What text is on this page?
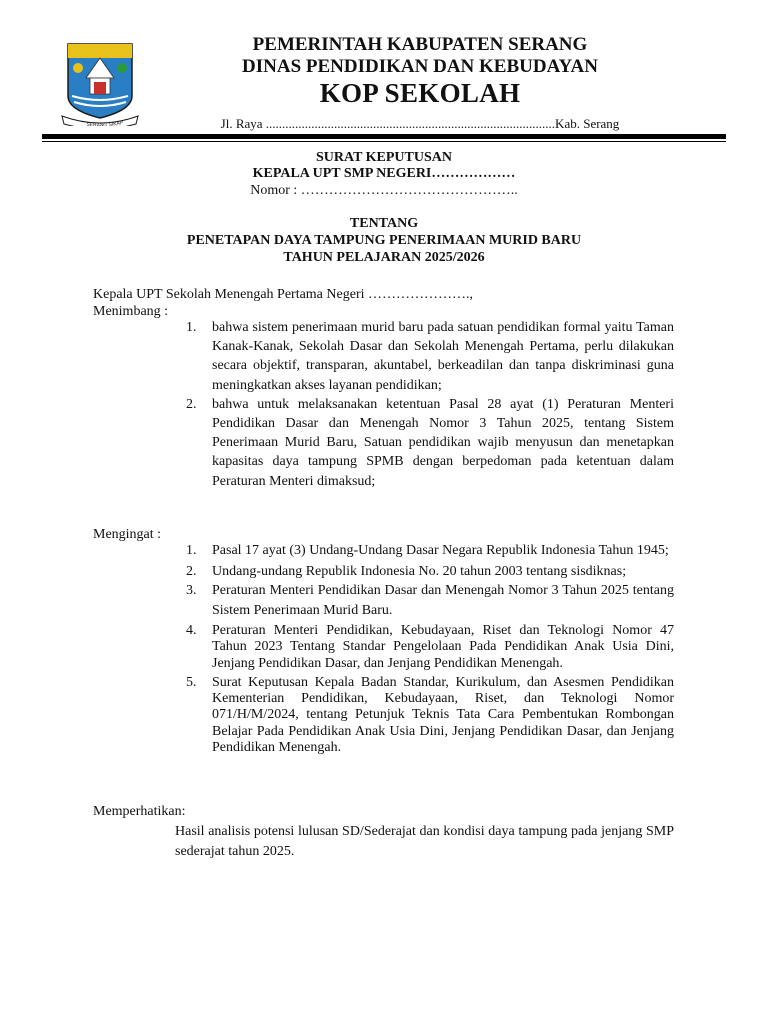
SERANG SIKAP
PEMERINTAH KABUPATEN SERANG
DINAS PENDIDIKAN DAN KEBUDAYAN
KOP SEKOLAH
Jl. Raya .........................................................................................Kab. Serang
SURAT KEPUTUSAN
KEPALA UPT SMP NEGERI………………
Nomor : ………………………………………..
TENTANG
PENETAPAN DAYA TAMPUNG PENERIMAAN MURID BARU
TAHUN PELAJARAN 2025/2026
Kepala UPT Sekolah Menengah Pertama Negeri ………………….,
Menimbang :
1.	bahwa sistem penerimaan murid baru pada satuan pendidikan formal yaitu Taman Kanak-Kanak, Sekolah Dasar dan Sekolah Menengah Pertama, perlu dilakukan secara objektif, transparan, akuntabel, berkeadilan dan tanpa diskriminasi guna meningkatkan akses layanan pendidikan;
2.	bahwa untuk melaksanakan ketentuan Pasal 28 ayat (1) Peraturan Menteri Pendidikan Dasar dan Menengah Nomor 3 Tahun 2025, tentang Sistem Penerimaan Murid Baru, Satuan pendidikan wajib menyusun dan menetapkan kapasitas daya tampung SPMB dengan berpedoman pada ketentuan dalam Peraturan Menteri dimaksud;
Mengingat :
1.	Pasal 17 ayat (3) Undang-Undang Dasar Negara Republik Indonesia Tahun 1945;
2.	Undang-undang Republik Indonesia No. 20 tahun 2003 tentang sisdiknas;
3.	Peraturan Menteri Pendidikan Dasar dan Menengah Nomor 3 Tahun 2025 tentang Sistem Penerimaan Murid Baru.
4.	Peraturan Menteri Pendidikan, Kebudayaan, Riset dan Teknologi Nomor 47 Tahun 2023 Tentang Standar Pengelolaan Pada Pendidikan Anak Usia Dini, Jenjang Pendidikan Dasar, dan Jenjang Pendidikan Menengah.
5.	Surat Keputusan Kepala Badan Standar, Kurikulum, dan Asesmen Pendidikan Kementerian Pendidikan, Kebudayaan, Riset, dan Teknologi Nomor 071/H/M/2024, tentang Petunjuk Teknis Tata Cara Pembentukan Rombongan Belajar Pada Pendidikan Anak Usia Dini, Jenjang Pendidikan Dasar, dan Jenjang Pendidikan Menengah.
Memperhatikan:
Hasil analisis potensi lulusan SD/Sederajat dan kondisi daya tampung pada jenjang SMP sederajat tahun 2025.
